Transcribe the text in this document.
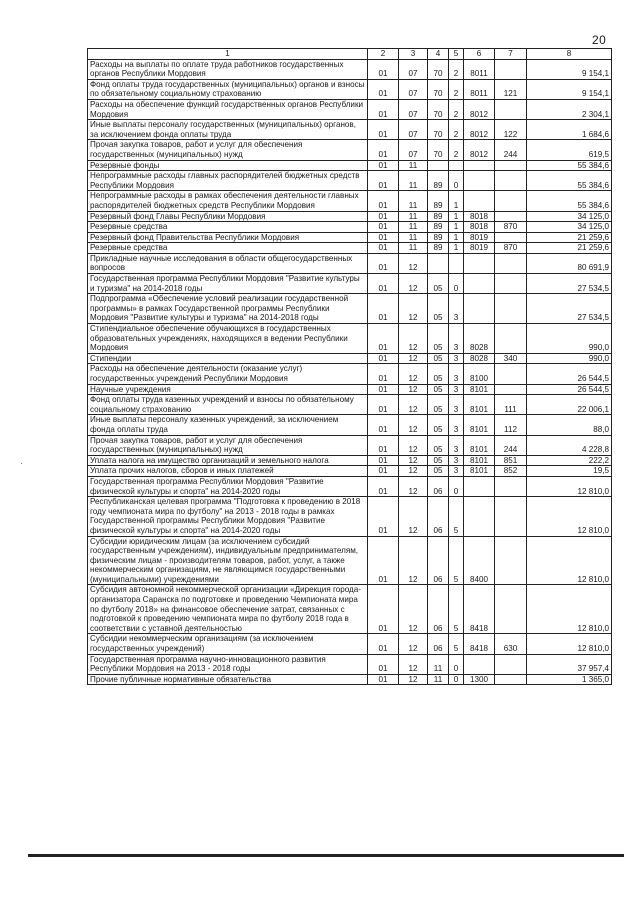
20
·
1	2	3	4	5	6	7	8
Расходы на выплаты по оплате труда работников государственных органов Республики Мордовия	01	07	70	2	8011		9 154,1
Фонд оплаты труда государственных (муниципальных) органов и взносы по обязательному социальному страхованию	01	07	70	2	8011	121	9 154,1
Расходы на обеспечение функций государственных органов Республики Мордовия	01	07	70	2	8012		2 304,1
Иные выплаты персоналу государственных (муниципальных) органов, за исключением фонда оплаты труда	01	07	70	2	8012	122	1 684,6
Прочая закупка товаров, работ и услуг для обеспечения государственных (муниципальных) нужд	01	07	70	2	8012	244	619,5
Резервные фонды	01	11					55 384,6
Непрограммные расходы главных распорядителей бюджетных средств Республики Мордовия	01	11	89	0			55 384,6
Непрограммные расходы в рамках обеспечения деятельности главных распорядителей бюджетных средств Республики Мордовия	01	11	89	1			55 384,6
Резервный фонд Главы Республики Мордовия	01	11	89	1	8018		34 125,0
Резервные средства	01	11	89	1	8018	870	34 125,0
Резервный фонд Правительства Республики Мордовия	01	11	89	1	8019		21 259,6
Резервные средства	01	11	89	1	8019	870	21 259,6
Прикладные научные исследования в области общегосударственных вопросов	01	12					80 691,9
Государственная программа Республики Мордовия "Развитие культуры и туризма" на 2014-2018 годы	01	12	05	0			27 534,5
Подпрограмма «Обеспечение условий реализации государственной программы» в рамках Государственной программы Республики Мордовия "Развитие культуры и туризма" на 2014-2018 годы	01	12	05	3			27 534,5
Стипендиальное обеспечение обучающихся в государственных образовательных учреждениях, находящихся в ведении Республики Мордовия	01	12	05	3	8028		990,0
Стипендии	01	12	05	3	8028	340	990,0
Расходы на обеспечение деятельности (оказание услуг) государственных учреждений Республики Мордовия	01	12	05	3	8100		26 544,5
Научные учреждения	01	12	05	3	8101		26 544,5
Фонд оплаты труда казенных учреждений и взносы по обязательному социальному страхованию	01	12	05	3	8101	111	22 006,1
Иные выплаты персоналу казенных учреждений, за исключением фонда оплаты труда	01	12	05	3	8101	112	88,0
Прочая закупка товаров, работ и услуг для обеспечения государственных (муниципальных) нужд	01	12	05	3	8101	244	4 228,8
Уплата налога на имущество организаций и земельного налога	01	12	05	3	8101	851	222,2
Уплата прочих налогов, сборов и иных платежей	01	12	05	3	8101	852	19,5
Государственная программа Республики Мордовия "Развитие физической культуры и спорта" на 2014-2020 годы	01	12	06	0			12 810,0
Республиканская целевая программа "Подготовка к проведению в 2018 году чемпионата мира по футболу" на 2013 - 2018 годы в рамках Государственной программы Республики Мордовия "Развитие физической культуры и спорта" на 2014-2020 годы	01	12	06	5			12 810,0
Субсидии юридическим лицам (за исключением субсидий государственным учреждениям), индивидуальным предпринимателям, физическим лицам - производителям товаров, работ, услуг, а также некоммерческим организациям, не являющимся государственными (муниципальными) учреждениями	01	12	06	5	8400		12 810,0
Субсидия автономной некоммерческой организации «Дирекция города-организатора Саранска по подготовке и проведению Чемпионата мира по футболу 2018» на финансовое обеспечение затрат, связанных с подготовкой к проведению чемпионата мира по футболу 2018 года в соответствии с уставной деятельностью	01	12	06	5	8418		12 810,0
Субсидии некоммерческим организациям (за исключением государственных учреждений)	01	12	06	5	8418	630	12 810,0
Государственная программа научно-инновационного развития Республики Мордовия на 2013 - 2018 годы	01	12	11	0			37 957,4
Прочие публичные нормативные обязательства	01	12	11	0	1300		1 365,0
